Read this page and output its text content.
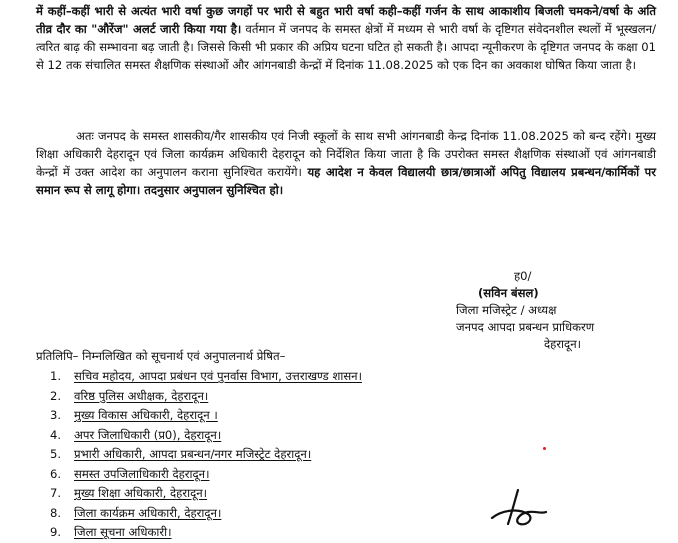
में कहीं–कहीं भारी से अत्यंत भारी वर्षा कुछ जगहों पर भारी से बहुत भारी वर्षा कही–कहीं गर्जन के साथ आकाशीय बिजली चमकने/वर्षा के अति तीव्र दौर का "औरेंज" अलर्ट जारी किया गया है। वर्तमान में जनपद के समस्त क्षेत्रों में मध्यम से भारी वर्षा के दृष्टिगत संवेदनशील स्थलों में भूस्खलन/त्वरित बाढ़ की सम्भावना बढ़ जाती है। जिससे किसी भी प्रकार की अप्रिय घटना घटित हो सकती है। आपदा न्यूनीकरण के दृष्टिगत जनपद के कक्षा 01 से 12 तक संचालित समस्त शैक्षणिक संस्थाओं और आंगनबाडी केन्द्रों में दिनांक 11.08.2025 को एक दिन का अवकाश घोषित किया जाता है।

अतः जनपद के समस्त शासकीय/गैर शासकीय एवं निजी स्कूलों के साथ सभी आंगनबाडी केन्द्र दिनांक 11.08.2025 को बन्द रहेंगे। मुख्य शिक्षा अधिकारी देहरादून एवं जिला कार्यक्रम अधिकारी देहरादून को निर्देशित किया जाता है कि उपरोक्त समस्त शैक्षणिक संस्थाओं एवं आंगनबाडी केन्द्रों में उक्त आदेश का अनुपालन कराना सुनिश्चित करायेंगे। यह आदेश न केवल विद्यालयी छात्र/छात्राओं अपितु विद्यालय प्रबन्धन/कार्मिकों पर समान रूप से लागू होगा। तदनुसार अनुपालन सुनिश्चित हो।

ह0/
(सविन बंसल)
जिला मजिस्ट्रेट / अध्यक्ष
जनपद आपदा प्रबन्धन प्राधिकरण
देहरादून।
प्रतिलिपि– निम्नलिखित को सूचनार्थ एवं अनुपालनार्थ प्रेषित–
1. सचिव महोदय, आपदा प्रबंधन एवं पुनर्वास विभाग, उत्तराखण्ड शासन।
2. वरिष्ठ पुलिस अधीक्षक, देहरादून।
3. मुख्य विकास अधिकारी, देहरादून ।
4. अपर जिलाधिकारी (प्र0), देहरादून।
5. प्रभारी अधिकारी, आपदा प्रबन्धन/नगर मजिस्ट्रेट देहरादून।
6. समस्त उपजिलाधिकारी देहरादून।
7. मुख्य शिक्षा अधिकारी, देहरादून।
8. जिला कार्यक्रम अधिकारी, देहरादून।
9. जिला सूचना अधिकारी।
